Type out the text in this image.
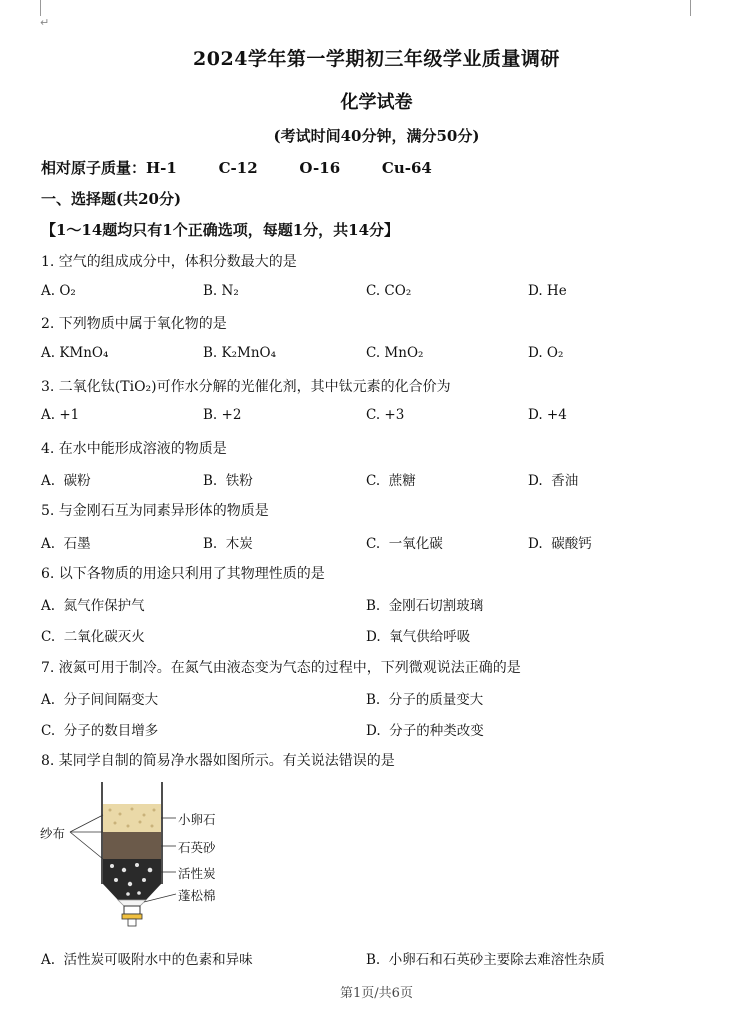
↵
2024学年第一学期初三年级学业质量调研
化学试卷
(考试时间40分钟，满分50分)
相对原子质量：H-1        C-12        O-16        Cu-64
一、选择题(共20分)
【1～14题均只有1个正确选项，每题1分，共14分】
1. 空气的组成成分中，体积分数最大的是
A. O₂	B. N₂	C. CO₂	D. He
2. 下列物质中属于氧化物的是
A. KMnO₄	B. K₂MnO₄	C. MnO₂	D. O₂
3. 二氧化钛(TiO₂)可作水分解的光催化剂，其中钛元素的化合价为
A. +1	B. +2	C. +3	D. +4
4. 在水中能形成溶液的物质是
A.  碳粉	B.  铁粉	C.  蔗糖	D.  香油
5. 与金刚石互为同素异形体的物质是
A.  石墨	B.  木炭	C.  一氧化碳	D.  碳酸钙
6. 以下各物质的用途只利用了其物理性质的是
A.  氮气作保护气	B.  金刚石切割玻璃
C.  二氧化碳灭火	D.  氧气供给呼吸
7. 液氮可用于制冷。在氮气由液态变为气态的过程中，下列微观说法正确的是
A.  分子间间隔变大	B.  分子的质量变大
C.  分子的数目增多	D.  分子的种类改变
8. 某同学自制的简易净水器如图所示。有关说法错误的是
纱布
小卵石
石英砂
活性炭
蓬松棉
A.  活性炭可吸附水中的色素和异味	B.  小卵石和石英砂主要除去难溶性杂质
第1页/共6页
